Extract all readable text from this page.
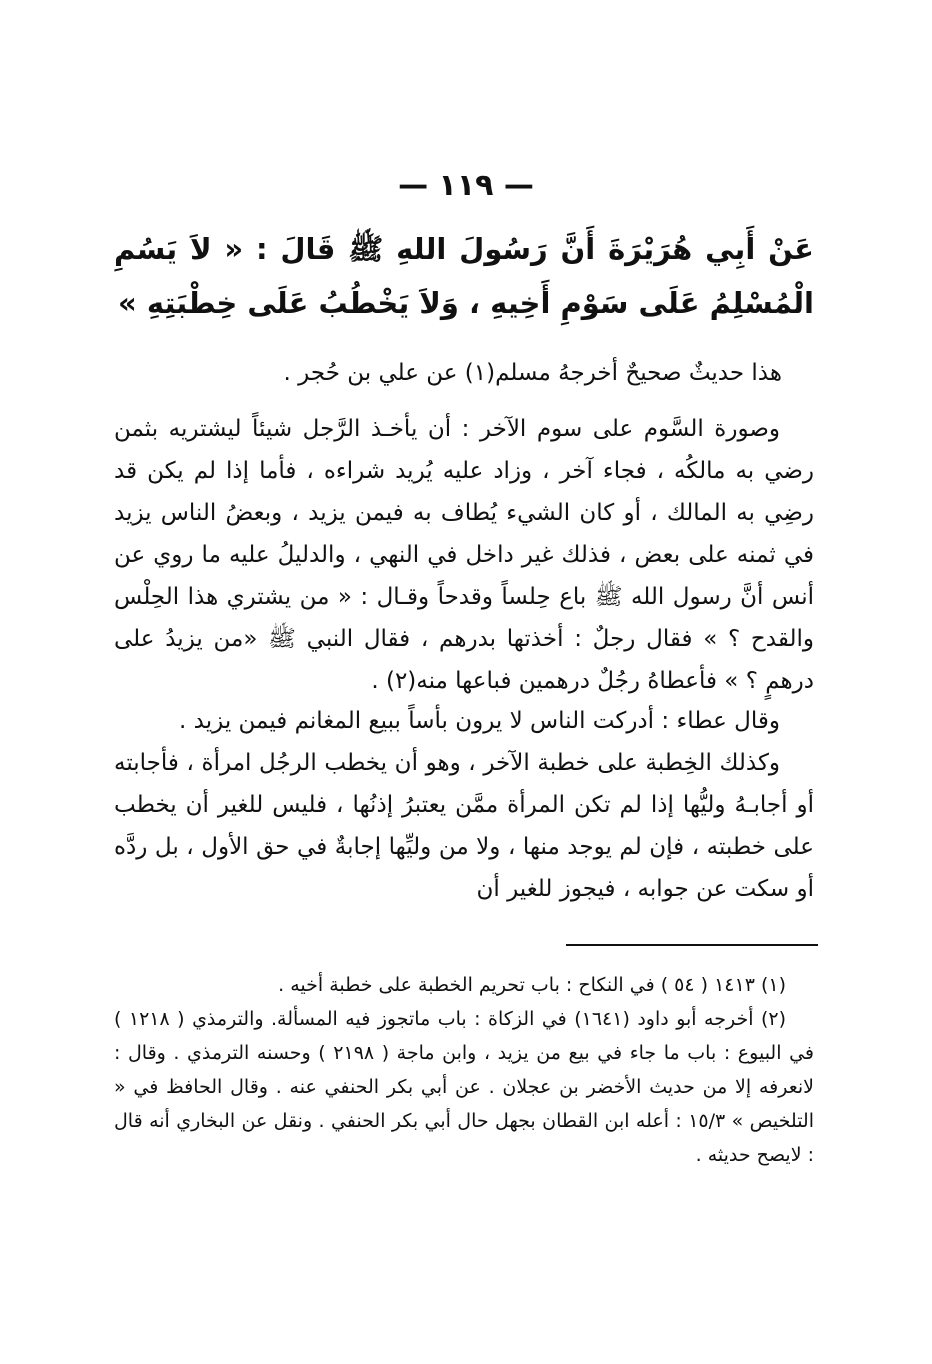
— ١١٩ —
عَنْ أَبِي هُرَيْرَةَ أَنَّ رَسُولَ اللهِ ﷺ قَالَ : « لاَ يَسُمِ الْمُسْلِمُ عَلَى سَوْمِ أَخِيهِ ، وَلاَ يَخْطُبُ عَلَى خِطْبَتِهِ »
هذا حديثٌ صحيحٌ أخرجهُ مسلم(١) عن علي بن حُجر .
وصورة السَّوم على سوم الآخر : أن يأخـذ الرَّجل شيئاً ليشتريه بثمن رضي به مالكُه ، فجاء آخر ، وزاد عليه يُريد شراءه ، فأما إذا لم يكن قد رضِي به المالك ، أو كان الشيء يُطاف به فيمن يزيد ، وبعضُ الناس يزيد في ثمنه على بعض ، فذلك غير داخل في النهي ، والدليلُ عليه ما روي عن أنس أنَّ رسول الله ﷺ باع حِلساً وقدحاً وقـال : « من يشتري هذا الحِلْس والقدح ؟ » فقال رجلٌ : أخذتها بدرهم ، فقال النبي ﷺ «من يزيدُ على درهمٍ ؟ » فأعطاهُ رجُلٌ درهمين فباعها منه(٢) .

وقال عطاء : أدركت الناس لا يرون بأساً ببيع المغانم فيمن يزيد .

وكذلك الخِطبة على خطبة الآخر ، وهو أن يخطب الرجُل امرأة ، فأجابته أو أجابـهُ وليُّها إذا لم تكن المرأة ممَّن يعتبرُ إذنُها ، فليس للغير أن يخطب على خطبته ، فإن لم يوجد منها ، ولا من وليِّها إجابةٌ في حق الأول ، بل ردَّه أو سكت عن جوابه ، فيجوز للغير أن

(١) ١٤١٣ ( ٥٤ ) في النكاح : باب تحريم الخطبة على خطبة أخيه .

(٢) أخرجه أبو داود (١٦٤١) في الزكاة : باب ماتجوز فيه المسألة. والترمذي ( ١٢١٨ ) في البيوع : باب ما جاء في بيع من يزيد ، وابن ماجة ( ٢١٩٨ ) وحسنه الترمذي . وقال : لانعرفه إلا من حديث الأخضر بن عجلان . عن أبي بكر الحنفي عنه . وقال الحافظ في « التلخيص » ١٥/٣ : أعله ابن القطان بجهل حال أبي بكر الحنفي . ونقل عن البخاري أنه قال : لايصح حديثه .
